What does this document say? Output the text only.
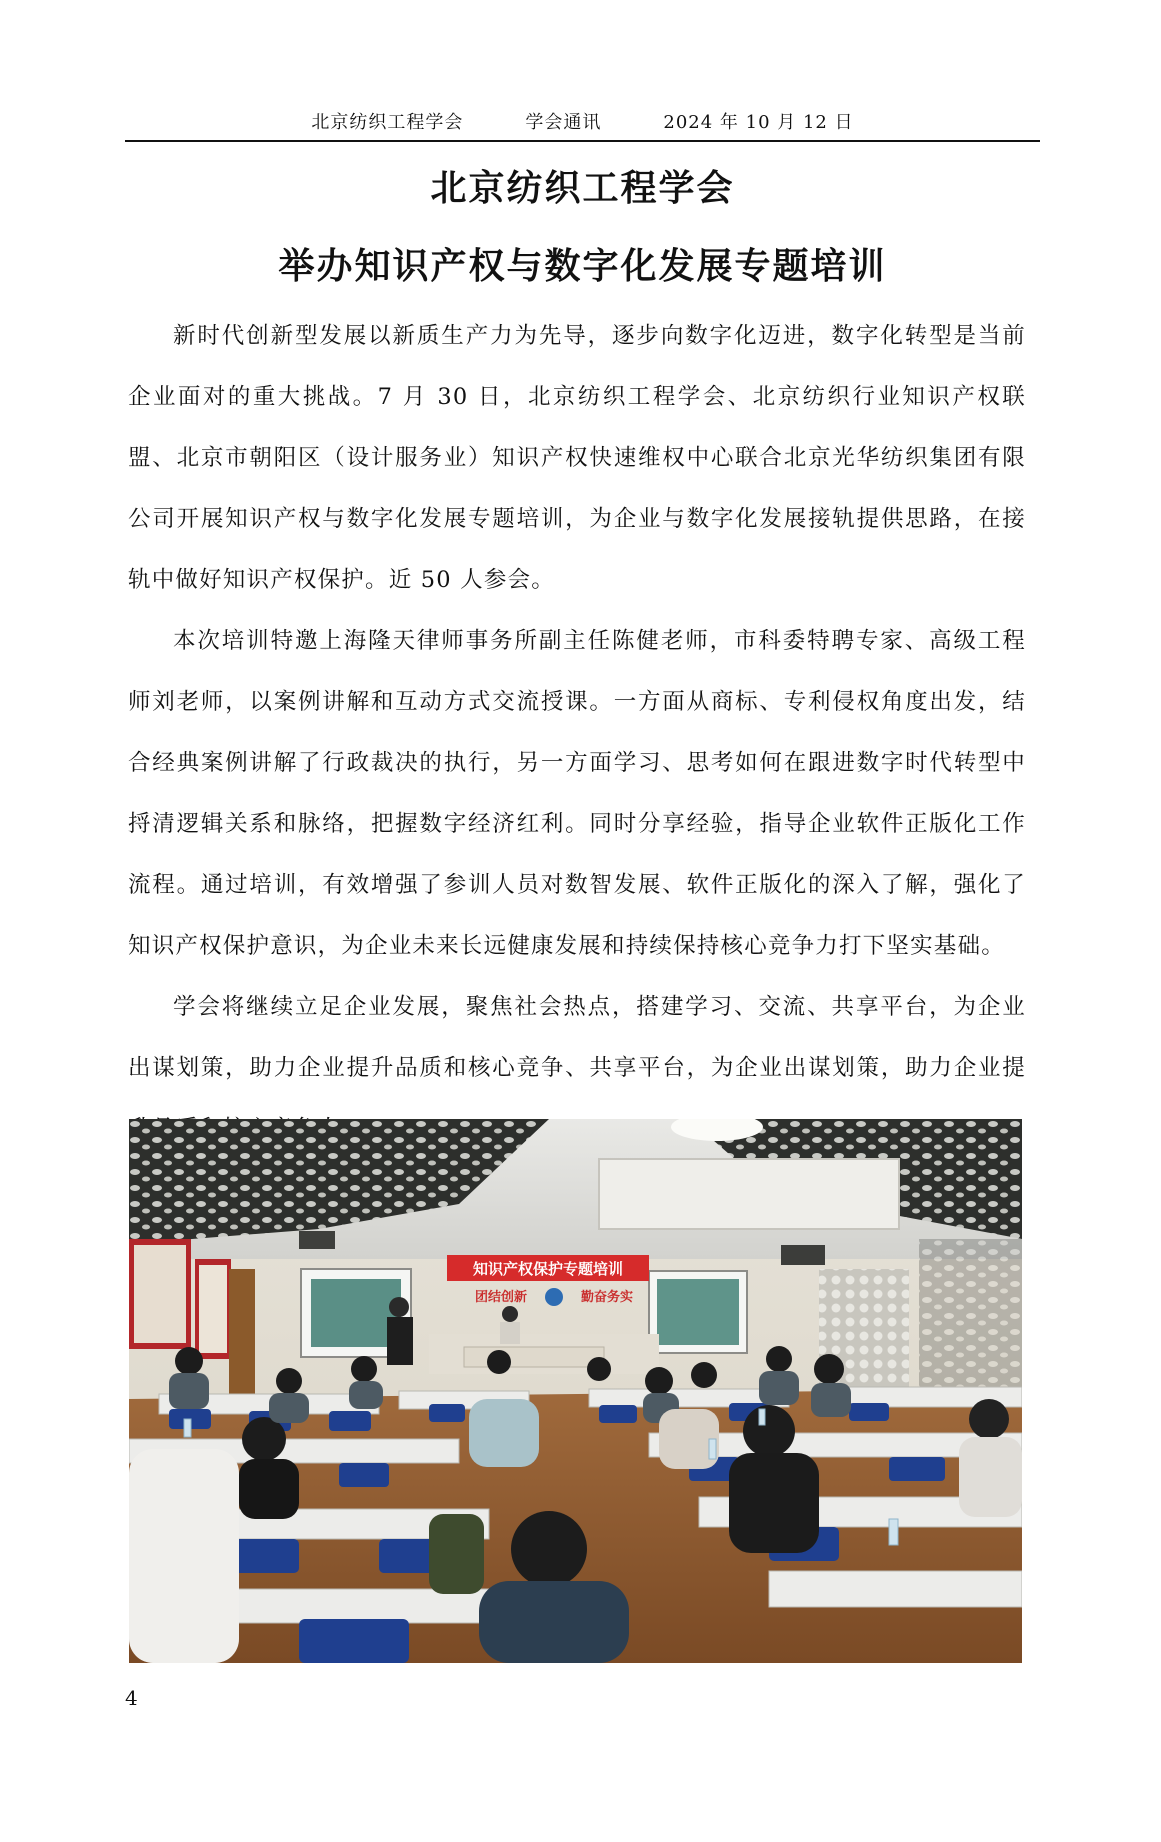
北京纺织工程学会	学会通讯	2024 年 10 月 12 日
北京纺织工程学会
举办知识产权与数字化发展专题培训

新时代创新型发展以新质生产力为先导，逐步向数字化迈进，数字化转型是当前企业面对的重大挑战。7 月 30 日，北京纺织工程学会、北京纺织行业知识产权联盟、北京市朝阳区（设计服务业）知识产权快速维权中心联合北京光华纺织集团有限公司开展知识产权与数字化发展专题培训，为企业与数字化发展接轨提供思路，在接轨中做好知识产权保护。近 50 人参会。

本次培训特邀上海隆天律师事务所副主任陈健老师，市科委特聘专家、高级工程师刘老师，以案例讲解和互动方式交流授课。一方面从商标、专利侵权角度出发，结合经典案例讲解了行政裁决的执行，另一方面学习、思考如何在跟进数字时代转型中捋清逻辑关系和脉络，把握数字经济红利。同时分享经验，指导企业软件正版化工作流程。通过培训，有效增强了参训人员对数智发展、软件正版化的深入了解，强化了知识产权保护意识，为企业未来长远健康发展和持续保持核心竞争力打下坚实基础。

学会将继续立足企业发展，聚焦社会热点，搭建学习、交流、共享平台，为企业出谋划策，助力企业提升品质和核心竞争、共享平台，为企业出谋划策，助力企业提

知识产权保护专题培训
团结创新	勤奋务实
4
